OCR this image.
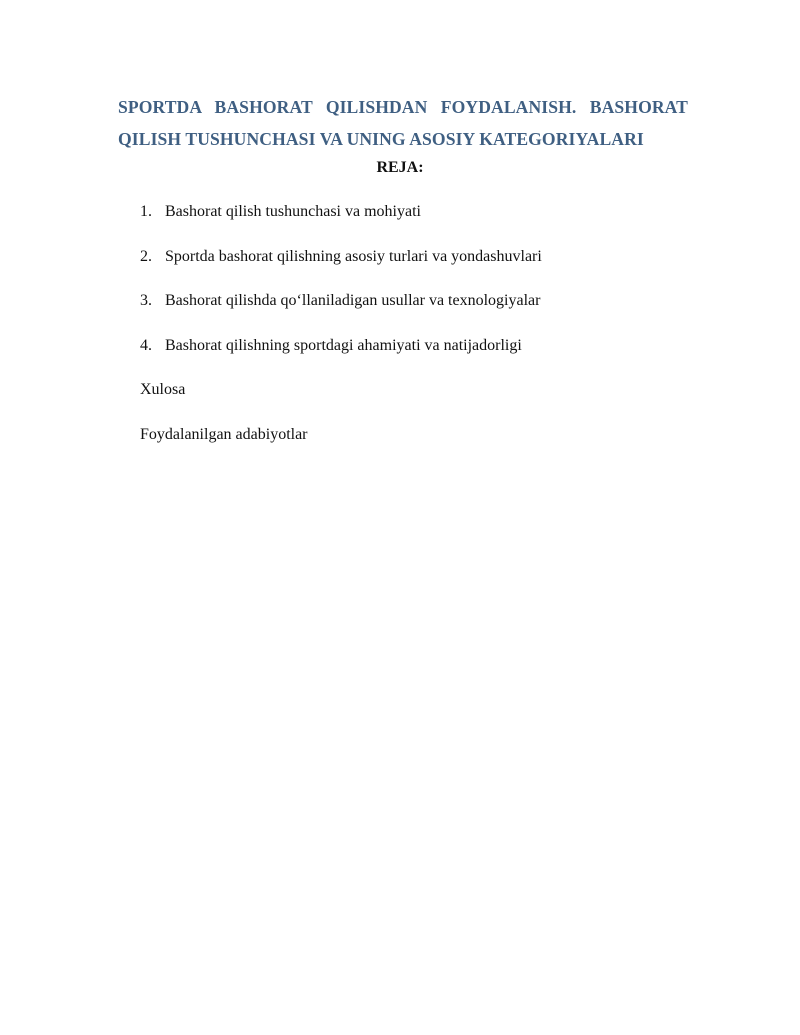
SPORTDA BASHORAT QILISHDAN FOYDALANISH. BASHORAT QILISH TUSHUNCHASI VA UNING ASOSIY KATEGORIYALARI
REJA:
1. Bashorat qilish tushunchasi va mohiyati
2. Sportda bashorat qilishning asosiy turlari va yondashuvlari
3. Bashorat qilishda qo‘llaniladigan usullar va texnologiyalar
4. Bashorat qilishning sportdagi ahamiyati va natijadorligi
Xulosa
Foydalanilgan adabiyotlar
